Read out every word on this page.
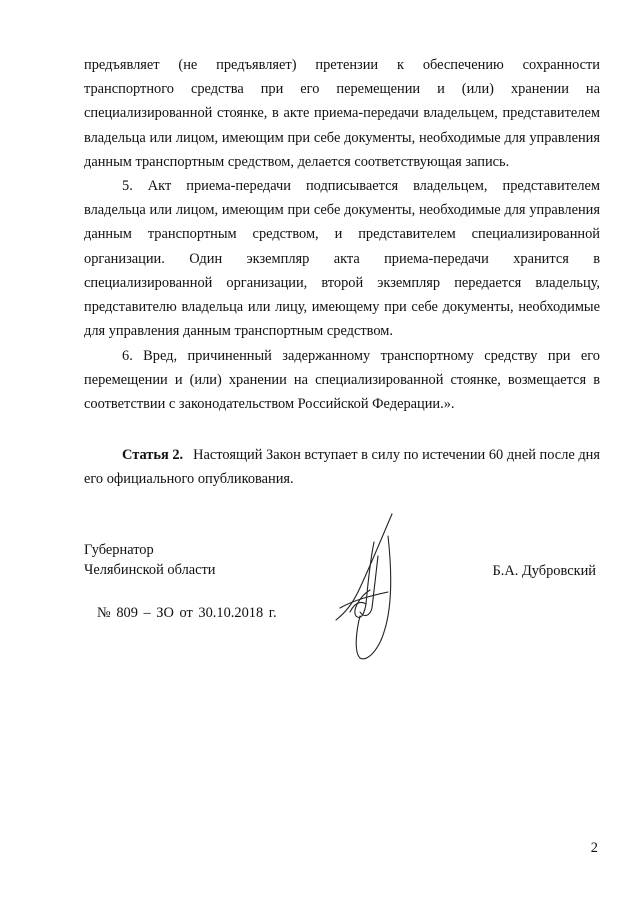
предъявляет (не предъявляет) претензии к обеспечению сохранности транспортного средства при его перемещении и (или) хранении на специализированной стоянке, в акте приема-передачи владельцем, представителем владельца или лицом, имеющим при себе документы, необходимые для управления данным транспортным средством, делается соответствующая запись.

5. Акт приема-передачи подписывается владельцем, представителем владельца или лицом, имеющим при себе документы, необходимые для управления данным транспортным средством, и представителем специализированной организации. Один экземпляр акта приема-передачи хранится в специализированной организации, второй экземпляр передается владельцу, представителю владельца или лицу, имеющему при себе документы, необходимые для управления данным транспортным средством.

6. Вред, причиненный задержанному транспортному средству при его перемещении и (или) хранении на специализированной стоянке, возмещается в соответствии с законодательством Российской Федерации.».

Статья 2. Настоящий Закон вступает в силу по истечении 60 дней после дня его официального опубликования.

Губернатор
Челябинской области	Б.А. Дубровский
№ 809 – ЗО от 30.10.2018 г.
2
